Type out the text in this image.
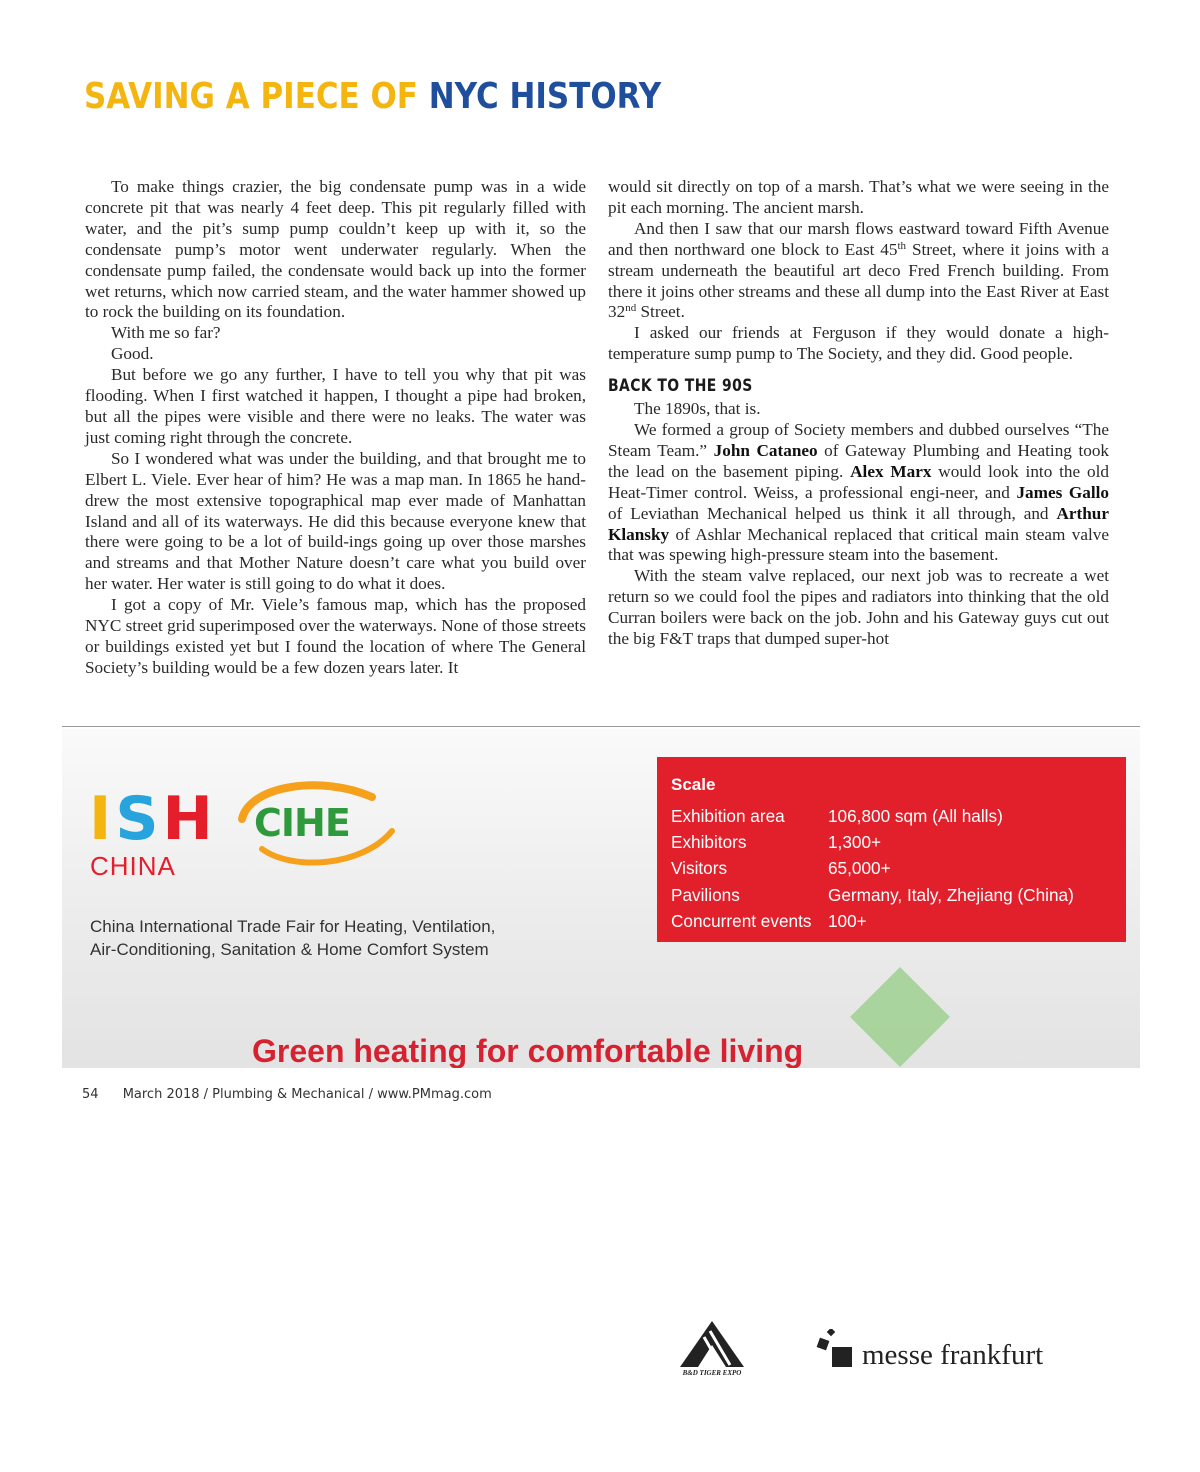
SAVING A PIECE OF NYC HISTORY

To make things crazier, the big condensate pump was in a wide concrete pit that was nearly 4 feet deep. This pit regularly filled with water, and the pit’s sump pump couldn’t keep up with it, so the condensate pump’s motor went underwater regularly. When the condensate pump failed, the condensate would back up into the former wet returns, which now carried steam, and the water hammer showed up to rock the building on its foundation.

With me so far?

Good.

But before we go any further, I have to tell you why that pit was flooding. When I first watched it happen, I thought a pipe had broken, but all the pipes were visible and there were no leaks. The water was just coming right through the concrete.

So I wondered what was under the building, and that brought me to Elbert L. Viele. Ever hear of him? He was a map man. In 1865 he hand-drew the most extensive topographical map ever made of Manhattan Island and all of its waterways. He did this because everyone knew that there were going to be a lot of build-ings going up over those marshes and streams and that Mother Nature doesn’t care what you build over her water. Her water is still going to do what it does.

I got a copy of Mr. Viele’s famous map, which has the proposed NYC street grid superimposed over the waterways. None of those streets or buildings existed yet but I found the location of where The General Society’s building would be a few dozen years later. It

would sit directly on top of a marsh. That’s what we were seeing in the pit each morning. The ancient marsh.

And then I saw that our marsh flows eastward toward Fifth Avenue and then northward one block to East 45th Street, where it joins with a stream underneath the beautiful art deco Fred French building. From there it joins other streams and these all dump into the East River at East 32nd Street.

I asked our friends at Ferguson if they would donate a high-temperature sump pump to The Society, and they did. Good people.

BACK TO THE 90S

The 1890s, that is.

We formed a group of Society members and dubbed ourselves “The Steam Team.” John Cataneo of Gateway Plumbing and Heating took the lead on the basement piping. Alex Marx would look into the old Heat-Timer control. Weiss, a professional engi-neer, and James Gallo of Leviathan Mechanical helped us think it all through, and Arthur Klansky of Ashlar Mechanical replaced that critical main steam valve that was spewing high-pressure steam into the basement.

With the steam valve replaced, our next job was to recreate a wet return so we could fool the pipes and radiators into thinking that the old Curran boilers were back on the job. John and his Gateway guys cut out the big F&T traps that dumped super-hot

ISH
CHINA
CIHE
China International Trade Fair for Heating, Ventilation,
Air-Conditioning, Sanitation & Home Comfort System
Scale
Exhibition area	106,800 sqm (All halls)
Exhibitors	1,300+
Visitors	65,000+
Pavilions	Germany, Italy, Zhejiang (China)
Concurrent events 100+
Green heating for comfortable living
B&D TIGER EXPO
messe frankfurt
54 March 2018 / Plumbing & Mechanical / www.PMmag.com
